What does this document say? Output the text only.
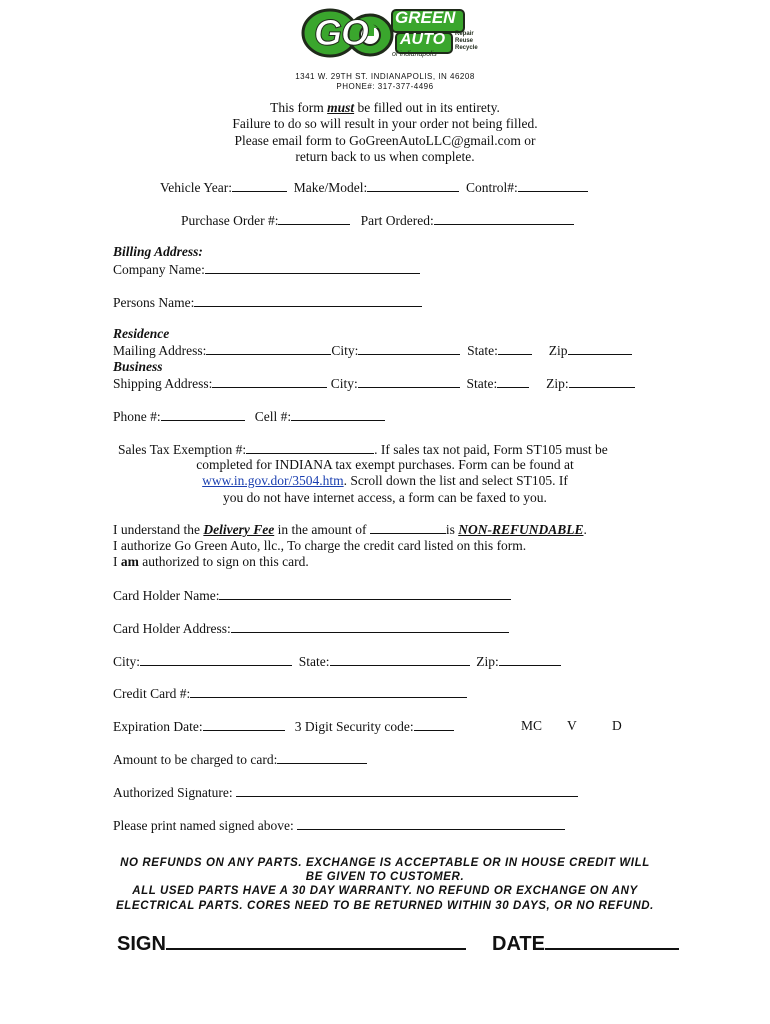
GO GREEN
AUTO Repair
Reuse
Recycle
of indianapolis
1341 W. 29TH ST. INDIANAPOLIS, IN 46208
PHONE#: 317-377-4496
This form must be filled out in its entirety.
Failure to do so will result in your order not being filled.
Please email form to GoGreenAutoLLC@gmail.com or
return back to us when complete.
Vehicle Year:	Make/Model:	Control#:
Purchase Order #:	Part Ordered:
Billing Address:
Company Name:
Persons Name:
Residence
Mailing Address:	City:	State:	Zip
Business
Shipping Address:	City:	State:	Zip:
Phone #:	Cell #:
Sales Tax Exemption #:	. If sales tax not paid, Form ST105 must be
completed for INDIANA tax exempt purchases. Form can be found at
www.in.gov.dor/3504.htm. Scroll down the list and select ST105. If
you do not have internet access, a form can be faxed to you.
I understand the Delivery Fee in the amount of	is NON-REFUNDABLE.
I authorize Go Green Auto, llc., To charge the credit card listed on this form.
I am authorized to sign on this card.
Card Holder Name:
Card Holder Address:
City:	State:	Zip:
Credit Card #:
Expiration Date:	3 Digit Security code:	MC V	D
Amount to be charged to card:
Authorized Signature:
Please print named signed above:
NO REFUNDS ON ANY PARTS. EXCHANGE IS ACCEPTABLE OR IN HOUSE CREDIT WILL
BE GIVEN TO CUSTOMER.
ALL USED PARTS HAVE A 30 DAY WARRANTY. NO REFUND OR EXCHANGE ON ANY
ELECTRICAL PARTS. CORES NEED TO BE RETURNED WITHIN 30 DAYS, OR NO REFUND.
SIGN	DATE
